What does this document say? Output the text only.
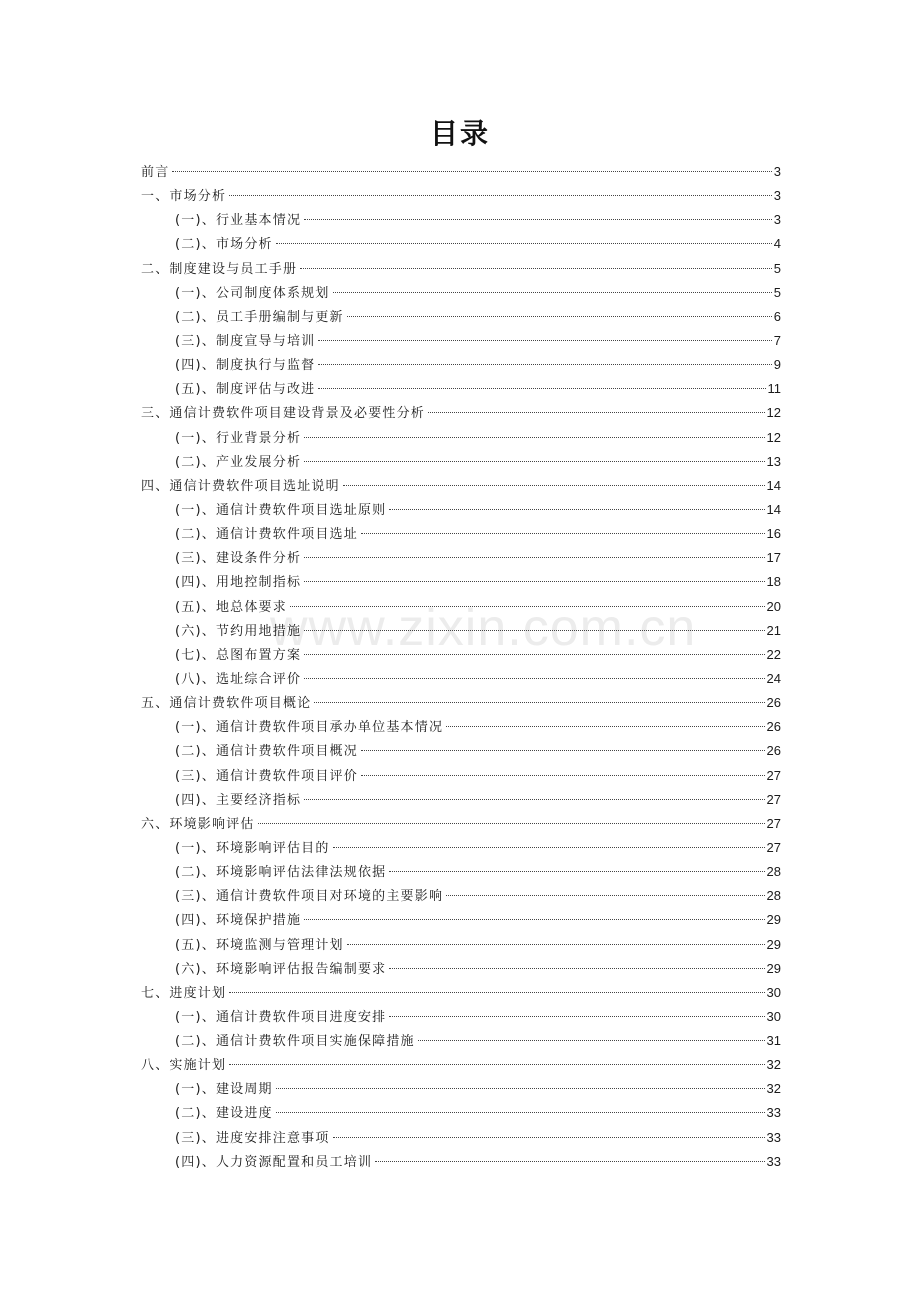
目录
www.zixin.com.cn
前言	3
一、市场分析	3
(一)、行业基本情况	3
(二)、市场分析	4
二、制度建设与员工手册	5
(一)、公司制度体系规划	5
(二)、员工手册编制与更新	6
(三)、制度宣导与培训	7
(四)、制度执行与监督	9
(五)、制度评估与改进	11
三、通信计费软件项目建设背景及必要性分析	12
(一)、行业背景分析	12
(二)、产业发展分析	13
四、通信计费软件项目选址说明	14
(一)、通信计费软件项目选址原则	14
(二)、通信计费软件项目选址	16
(三)、建设条件分析	17
(四)、用地控制指标	18
(五)、地总体要求	20
(六)、节约用地措施	21
(七)、总图布置方案	22
(八)、选址综合评价	24
五、通信计费软件项目概论	26
(一)、通信计费软件项目承办单位基本情况	26
(二)、通信计费软件项目概况	26
(三)、通信计费软件项目评价	27
(四)、主要经济指标	27
六、环境影响评估	27
(一)、环境影响评估目的	27
(二)、环境影响评估法律法规依据	28
(三)、通信计费软件项目对环境的主要影响	28
(四)、环境保护措施	29
(五)、环境监测与管理计划	29
(六)、环境影响评估报告编制要求	29
七、进度计划	30
(一)、通信计费软件项目进度安排	30
(二)、通信计费软件项目实施保障措施	31
八、实施计划	32
(一)、建设周期	32
(二)、建设进度	33
(三)、进度安排注意事项	33
(四)、人力资源配置和员工培训	33
